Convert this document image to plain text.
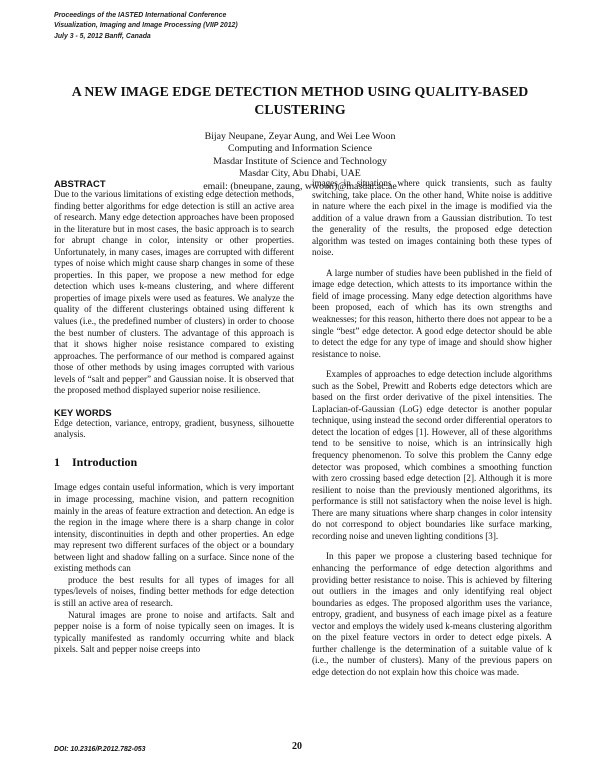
Proceedings of the IASTED International Conference
Visualization, Imaging and Image Processing (VIIP 2012)
July 3 - 5, 2012 Banff, Canada
A NEW IMAGE EDGE DETECTION METHOD USING QUALITY-BASED CLUSTERING
Bijay Neupane, Zeyar Aung, and Wei Lee Woon
Computing and Information Science
Masdar Institute of Science and Technology
Masdar City, Abu Dhabi, UAE
email: (bneupane, zaung, wwoon)@masdar.ac.ae

ABSTRACT

Due to the various limitations of existing edge detection methods, finding better algorithms for edge detection is still an active area of research. Many edge detection approaches have been proposed in the literature but in most cases, the basic approach is to search for abrupt change in color, intensity or other properties. Unfortunately, in many cases, images are corrupted with different types of noise which might cause sharp changes in some of these properties. In this paper, we propose a new method for edge detection which uses k-means clustering, and where different properties of image pixels were used as features. We analyze the quality of the different clusterings obtained using different k values (i.e., the predefined number of clusters) in order to choose the best number of clusters. The advantage of this approach is that it shows higher noise resistance compared to existing approaches. The performance of our method is compared against those of other methods by using images corrupted with various levels of “salt and pepper” and Gaussian noise. It is observed that the proposed method displayed superior noise resilience.

KEY WORDS

Edge detection, variance, entropy, gradient, busyness, silhouette analysis.

1 Introduction

Image edges contain useful information, which is very important in image processing, machine vision, and pattern recognition mainly in the areas of feature extraction and detection. An edge is the region in the image where there is a sharp change in color intensity, discontinuities in depth and other properties. An edge may represent two different surfaces of the object or a boundary between light and shadow falling on a surface. Since none of the existing methods can

produce the best results for all types of images for all types/levels of noises, finding better methods for edge detection is still an active area of research.

Natural images are prone to noise and artifacts. Salt and pepper noise is a form of noise typically seen on images. It is typically manifested as randomly occurring white and black pixels. Salt and pepper noise creeps into

images in situations where quick transients, such as faulty switching, take place. On the other hand, White noise is additive in nature where the each pixel in the image is modified via the addition of a value drawn from a Gaussian distribution. To test the generality of the results, the proposed edge detection algorithm was tested on images containing both these types of noise.

A large number of studies have been published in the field of image edge detection, which attests to its importance within the field of image processing. Many edge detection algorithms have been proposed, each of which has its own strengths and weaknesses; for this reason, hitherto there does not appear to be a single “best” edge detector. A good edge detector should be able to detect the edge for any type of image and should show higher resistance to noise.

Examples of approaches to edge detection include algorithms such as the Sobel, Prewitt and Roberts edge detectors which are based on the first order derivative of the pixel intensities. The Laplacian-of-Gaussian (LoG) edge detector is another popular technique, using instead the second order differential operators to detect the location of edges [1]. However, all of these algorithms tend to be sensitive to noise, which is an intrinsically high frequency phenomenon. To solve this problem the Canny edge detector was proposed, which combines a smoothing function with zero crossing based edge detection [2]. Although it is more resilient to noise than the previously mentioned algorithms, its performance is still not satisfactory when the noise level is high. There are many situations where sharp changes in color intensity do not correspond to object boundaries like surface marking, recording noise and uneven lighting conditions [3].

In this paper we propose a clustering based technique for enhancing the performance of edge detection algorithms and providing better resistance to noise. This is achieved by filtering out outliers in the images and only identifying real object boundaries as edges. The proposed algorithm uses the variance, entropy, gradient, and busyness of each image pixel as a feature vector and employs the widely used k-means clustering algorithm on the pixel feature vectors in order to detect edge pixels. A further challenge is the determination of a suitable value of k (i.e., the number of clusters). Many of the previous papers on edge detection do not explain how this choice was made.

DOI: 10.2316/P.2012.782-053	20
